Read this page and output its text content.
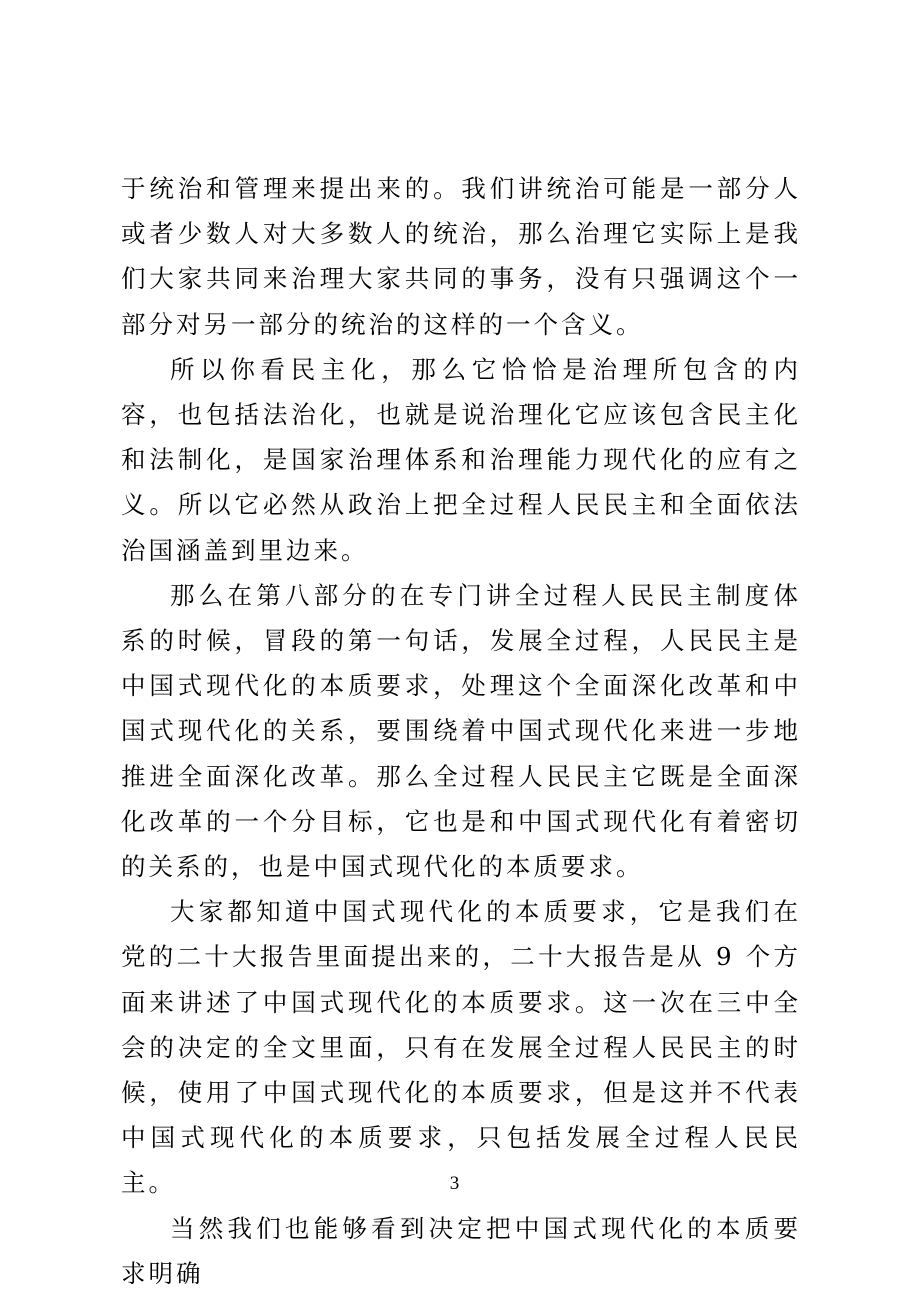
于统治和管理来提出来的。我们讲统治可能是一部分人或者少数人对大多数人的统治，那么治理它实际上是我们大家共同来治理大家共同的事务，没有只强调这个一部分对另一部分的统治的这样的一个含义。

所以你看民主化，那么它恰恰是治理所包含的内容，也包括法治化，也就是说治理化它应该包含民主化和法制化，是国家治理体系和治理能力现代化的应有之义。所以它必然从政治上把全过程人民民主和全面依法治国涵盖到里边来。

那么在第八部分的在专门讲全过程人民民主制度体系的时候，冒段的第一句话，发展全过程，人民民主是中国式现代化的本质要求，处理这个全面深化改革和中国式现代化的关系，要围绕着中国式现代化来进一步地推进全面深化改革。那么全过程人民民主它既是全面深化改革的一个分目标，它也是和中国式现代化有着密切的关系的，也是中国式现代化的本质要求。

大家都知道中国式现代化的本质要求，它是我们在党的二十大报告里面提出来的，二十大报告是从 9 个方面来讲述了中国式现代化的本质要求。这一次在三中全会的决定的全文里面，只有在发展全过程人民民主的时候，使用了中国式现代化的本质要求，但是这并不代表中国式现代化的本质要求，只包括发展全过程人民民主。

当然我们也能够看到决定把中国式现代化的本质要求明确

3
